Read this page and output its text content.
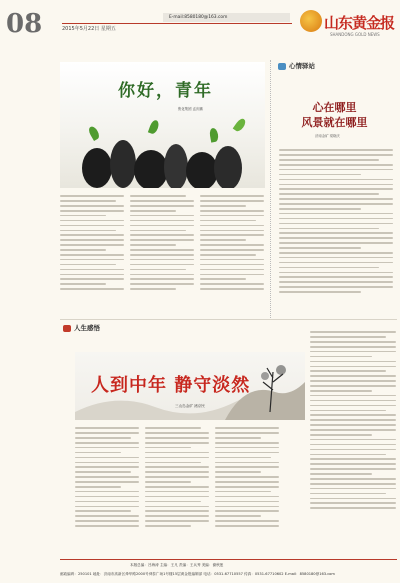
08	E-mail:8580180@163.com
2015年5月22日 星期五	山东黄金报
SHANDONG GOLD NEWS
你好，青年
焦化集团 孟庆鹏
心情驿站
心在哪里
风景就在哪里
济南金矿 梁晓庆
人生感悟
人到中年 静守淡然
三山岛金矿 褚京民
本版总编：吕海涛 主编：王凡 责编：王兵秀 美编：谢秋莲
邮政编码：250101 地址：济南市高新区舜华路2000号舜泰广场1号楼15层黄金报编辑部 电话：0531-67710557 传真：0531-67710602 E-mail：8580180@163.com
